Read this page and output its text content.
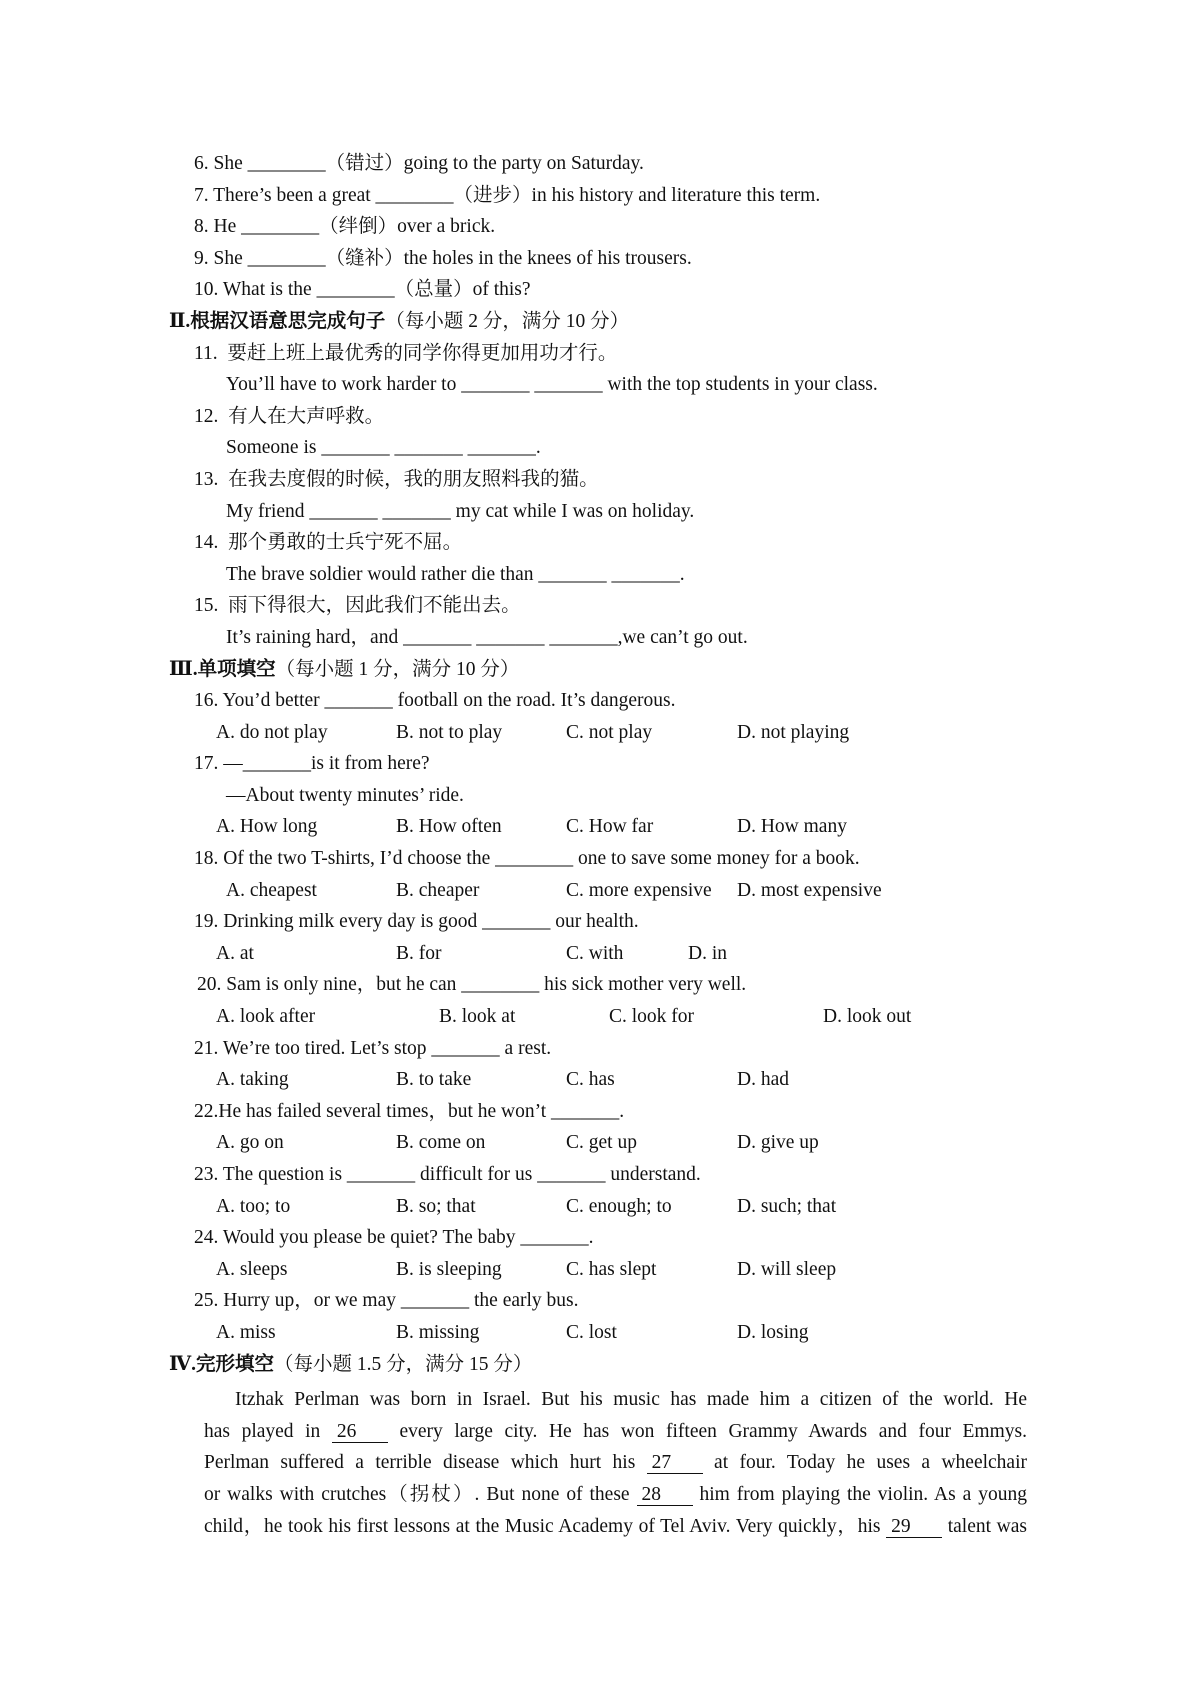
6. She ________（错过）going to the party on Saturday.
7. There’s been a great ________（进步）in his history and literature this term.
8. He ________（绊倒）over a brick.
9. She ________（缝补）the holes in the knees of his trousers.
10. What is the ________（总量）of this?
Ⅱ.根据汉语意思完成句子（每小题 2 分，满分 10 分）
11.  要赶上班上最优秀的同学你得更加用功才行。
You’ll have to work harder to _______ _______ with the top students in your class.
12.  有人在大声呼救。
Someone is _______ _______ _______.
13.  在我去度假的时候，我的朋友照料我的猫。
My friend _______ _______ my cat while I was on holiday.
14.  那个勇敢的士兵宁死不屈。
The brave soldier would rather die than _______ _______.
15.  雨下得很大，因此我们不能出去。
It’s raining hard，and _______ _______ _______,we can’t go out.
Ⅲ.单项填空（每小题 1 分，满分 10 分）
16. You’d better _______ football on the road. It’s dangerous.

A. do not play

	B. not to play

	C. not play

	D. not playing

17. —_______is it from here?
—About twenty minutes’ ride.

A. How long

	B. How often

	C. How far

	D. How many

18. Of the two T-shirts, I’d choose the ________ one to save some money for a book.

A. cheapest

	B. cheaper

	C. more expensive

D. most expensive

19. Drinking milk every day is good _______ our health.

A. at

	B. for

	C. with

	D. in

20. Sam is only nine，but he can ________ his sick mother very well.

A. look after

	B. look at

	C. look for

	D. look out

21. We’re too tired. Let’s stop _______ a rest.

A. taking

	B. to take

	C. has

	D. had

22.He has failed several times，but he won’t _______.

A. go on

	B. come on

	C. get up

	D. give up

23. The question is _______ difficult for us _______ understand.

A. too; to

	B. so; that

	C. enough; to

	D. such; that

24. Would you please be quiet? The baby _______.

A. sleeps

	B. is sleeping

	C. has slept

	D. will sleep

25. Hurry up，or we may _______ the early bus.

A. miss

	B. missing

	C. lost

	D. losing

Ⅳ.完形填空（每小题 1.5 分，满分 15 分）
Itzhak Perlman was born in Israel. But his music has made him a citizen of the world. He
has played in 26 every large city. He has won fifteen Grammy Awards and four Emmys.
Perlman suffered a terrible disease which hurt his 27 at four. Today he uses a wheelchair
or walks with crutches（拐杖）. But none of these 28 him from playing the violin. As a young
child，he took his first lessons at the Music Academy of Tel Aviv. Very quickly，his 29 talent was
